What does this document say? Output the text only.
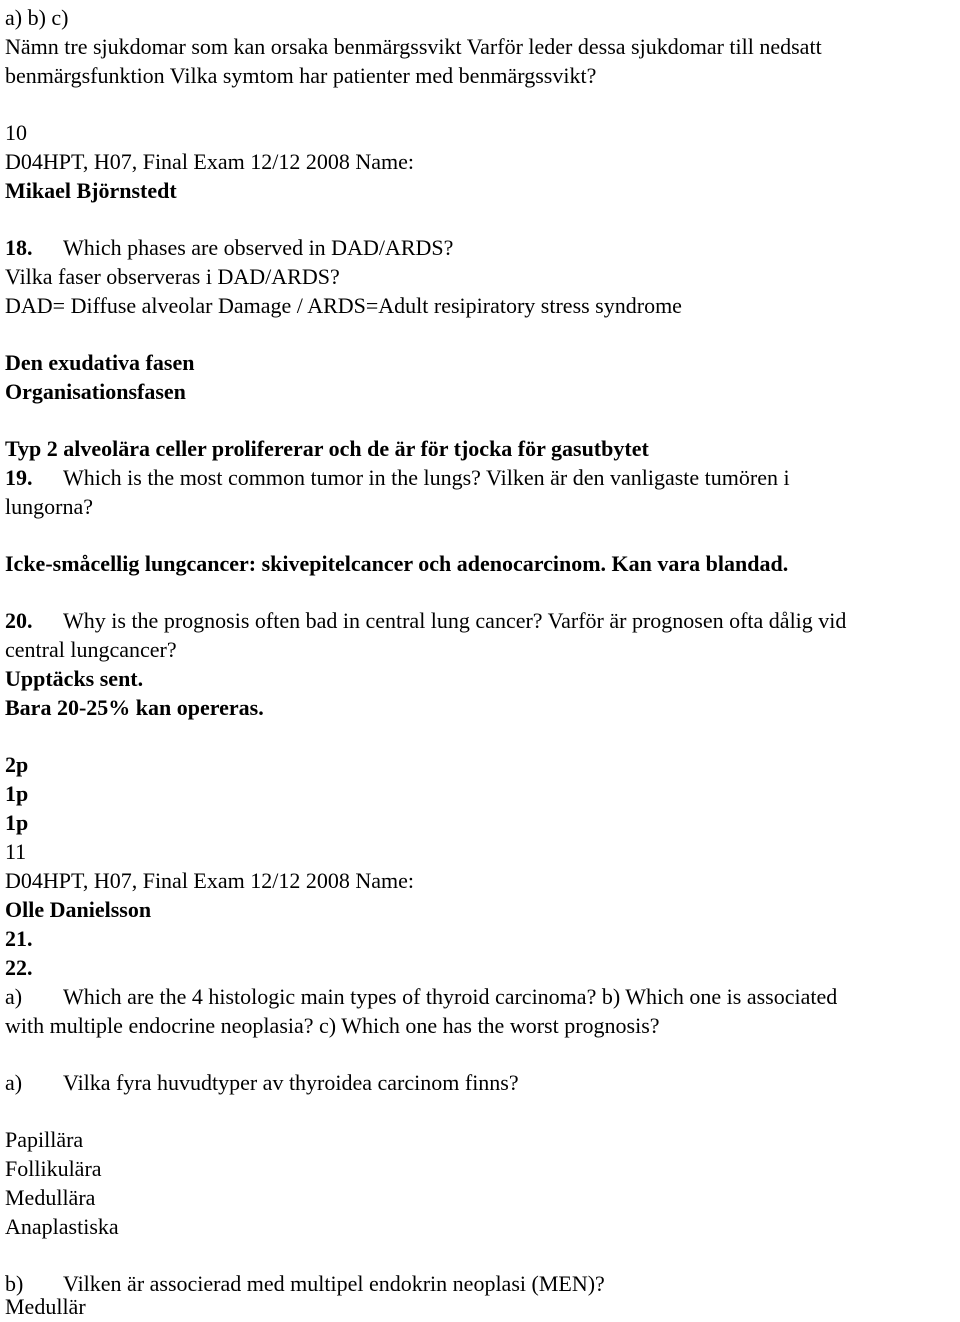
a) b) c)
Nämn tre sjukdomar som kan orsaka benmärgssvikt Varför leder dessa sjukdomar till nedsatt
benmärgsfunktion Vilka symtom har patienter med benmärgssvikt?
10
D04HPT, H07, Final Exam 12/12 2008 Name:
Mikael Björnstedt
18. Which phases are observed in DAD/ARDS?
Vilka faser observeras i DAD/ARDS?
DAD= Diffuse alveolar Damage / ARDS=Adult resipiratory stress syndrome
Den exudativa fasen
Organisationsfasen
Typ 2 alveolära celler prolifererar och de är för tjocka för gasutbytet
19. Which is the most common tumor in the lungs? Vilken är den vanligaste tumören i
lungorna?
Icke-småcellig lungcancer: skivepitelcancer och adenocarcinom. Kan vara blandad.
20. Why is the prognosis often bad in central lung cancer? Varför är prognosen ofta dålig vid
central lungcancer?
Upptäcks sent.
Bara 20-25% kan opereras.
2p
1p
1p
11
D04HPT, H07, Final Exam 12/12 2008 Name:
Olle Danielsson
21.
22.
a) Which are the 4 histologic main types of thyroid carcinoma? b) Which one is associated
with multiple endocrine neoplasia? c) Which one has the worst prognosis?
a) Vilka fyra huvudtyper av thyroidea carcinom finns?
Papillära
Follikulära
Medullära
Anaplastiska
b) Vilken är associerad med multipel endokrin neoplasi (MEN)?
Medullär
